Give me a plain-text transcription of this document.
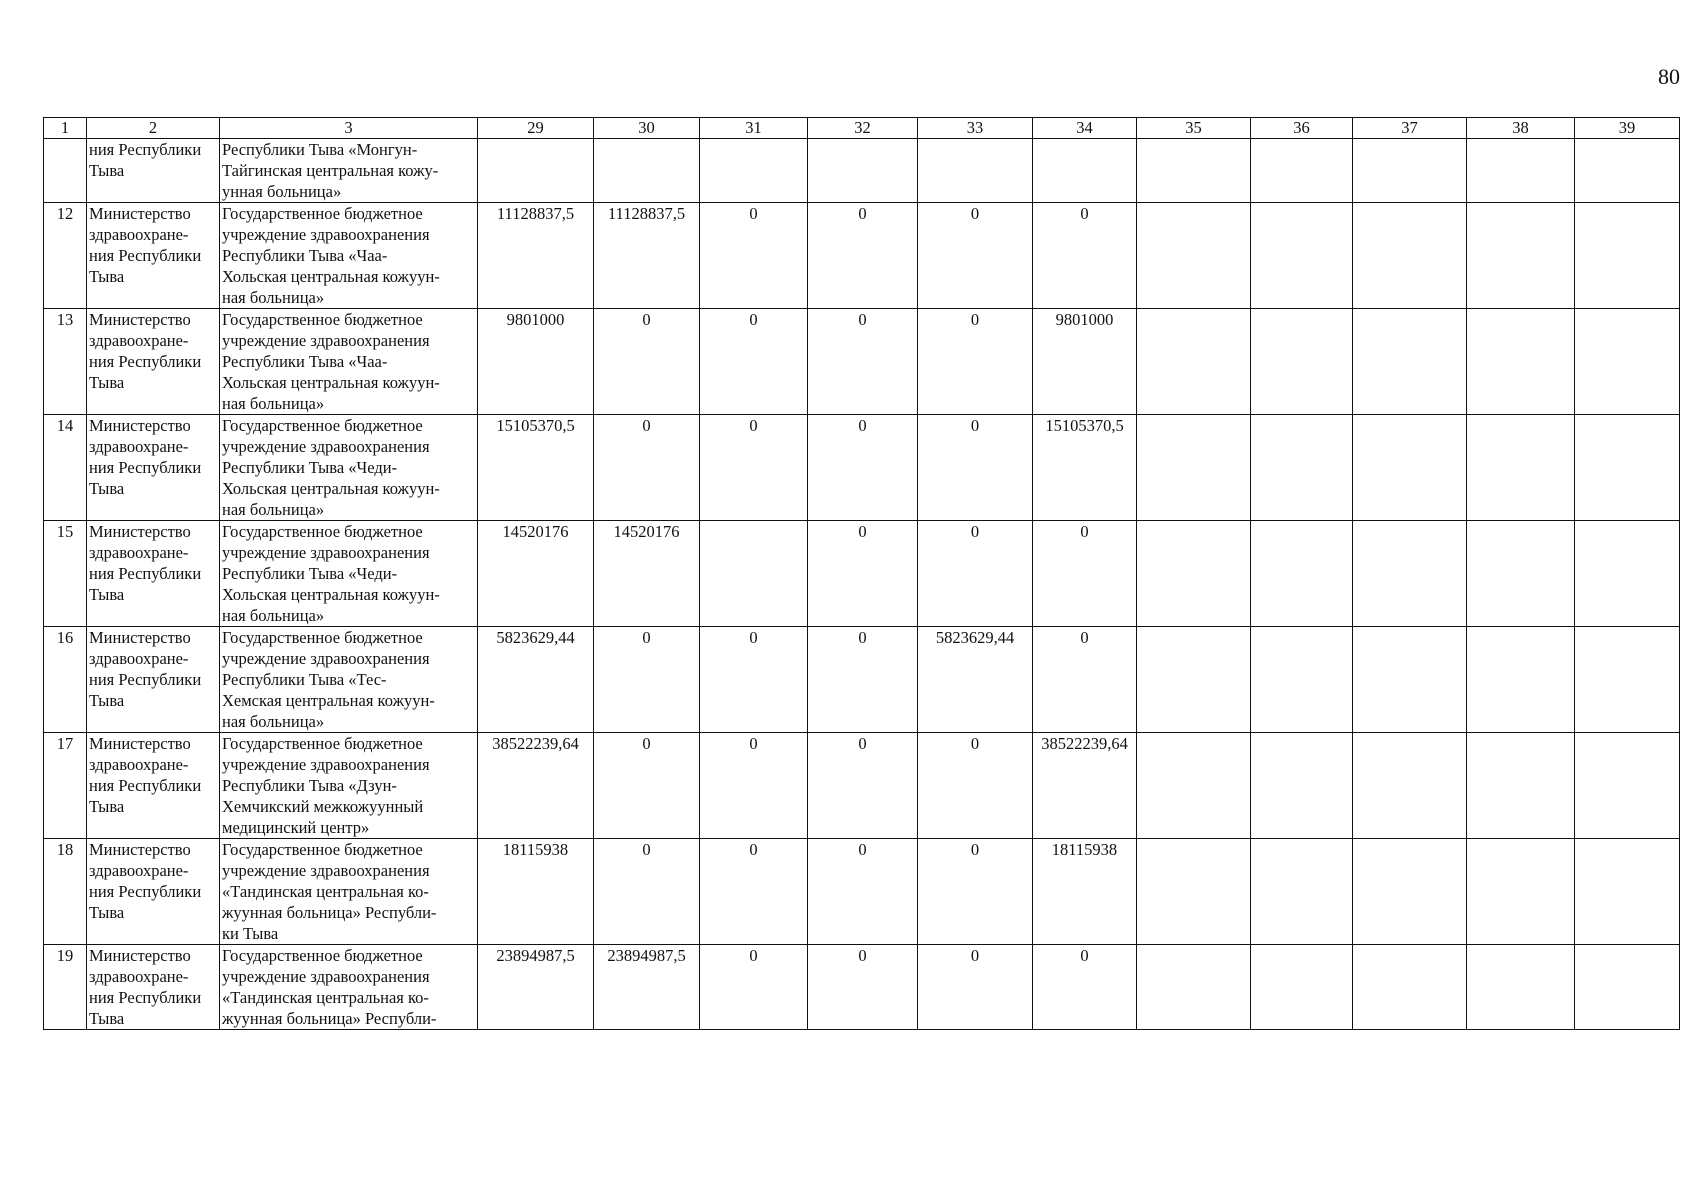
80
1	2	3	29	30	31	32	33	34	35	36	37	38	39
	ния Республики
Тыва	Республики Тыва «Монгун-
Тайгинская центральная кожу-
унная больница»											
12	Министерство
здравоохране-
ния Республики
Тыва	Государственное бюджетное
учреждение здравоохранения
Республики Тыва «Чаа-
Хольская центральная кожуун-
ная больница»	11128837,5	11128837,5	0	0	0	0					
13	Министерство
здравоохране-
ния Республики
Тыва	Государственное бюджетное
учреждение здравоохранения
Республики Тыва «Чаа-
Хольская центральная кожуун-
ная больница»	9801000	0	0	0	0	9801000					
14	Министерство
здравоохране-
ния Республики
Тыва	Государственное бюджетное
учреждение здравоохранения
Республики Тыва «Чеди-
Хольская центральная кожуун-
ная больница»	15105370,5	0	0	0	0	15105370,5					
15	Министерство
здравоохране-
ния Республики
Тыва	Государственное бюджетное
учреждение здравоохранения
Республики Тыва «Чеди-
Хольская центральная кожуун-
ная больница»	14520176	14520176		0	0	0					
16	Министерство
здравоохране-
ния Республики
Тыва	Государственное бюджетное
учреждение здравоохранения
Республики Тыва «Тес-
Хемская центральная кожуун-
ная больница»	5823629,44	0	0	0	5823629,44	0					
17	Министерство
здравоохране-
ния Республики
Тыва	Государственное бюджетное
учреждение здравоохранения
Республики Тыва «Дзун-
Хемчикский межкожуунный
медицинский центр»	38522239,64	0	0	0	0	38522239,64					
18	Министерство
здравоохране-
ния Республики
Тыва	Государственное бюджетное
учреждение здравоохранения
«Тандинская центральная ко-
жуунная больница» Республи-
ки Тыва	18115938	0	0	0	0	18115938					
19	Министерство
здравоохране-
ния Республики
Тыва	Государственное бюджетное
учреждение здравоохранения
«Тандинская центральная ко-
жуунная больница» Республи-	23894987,5	23894987,5	0	0	0	0					
